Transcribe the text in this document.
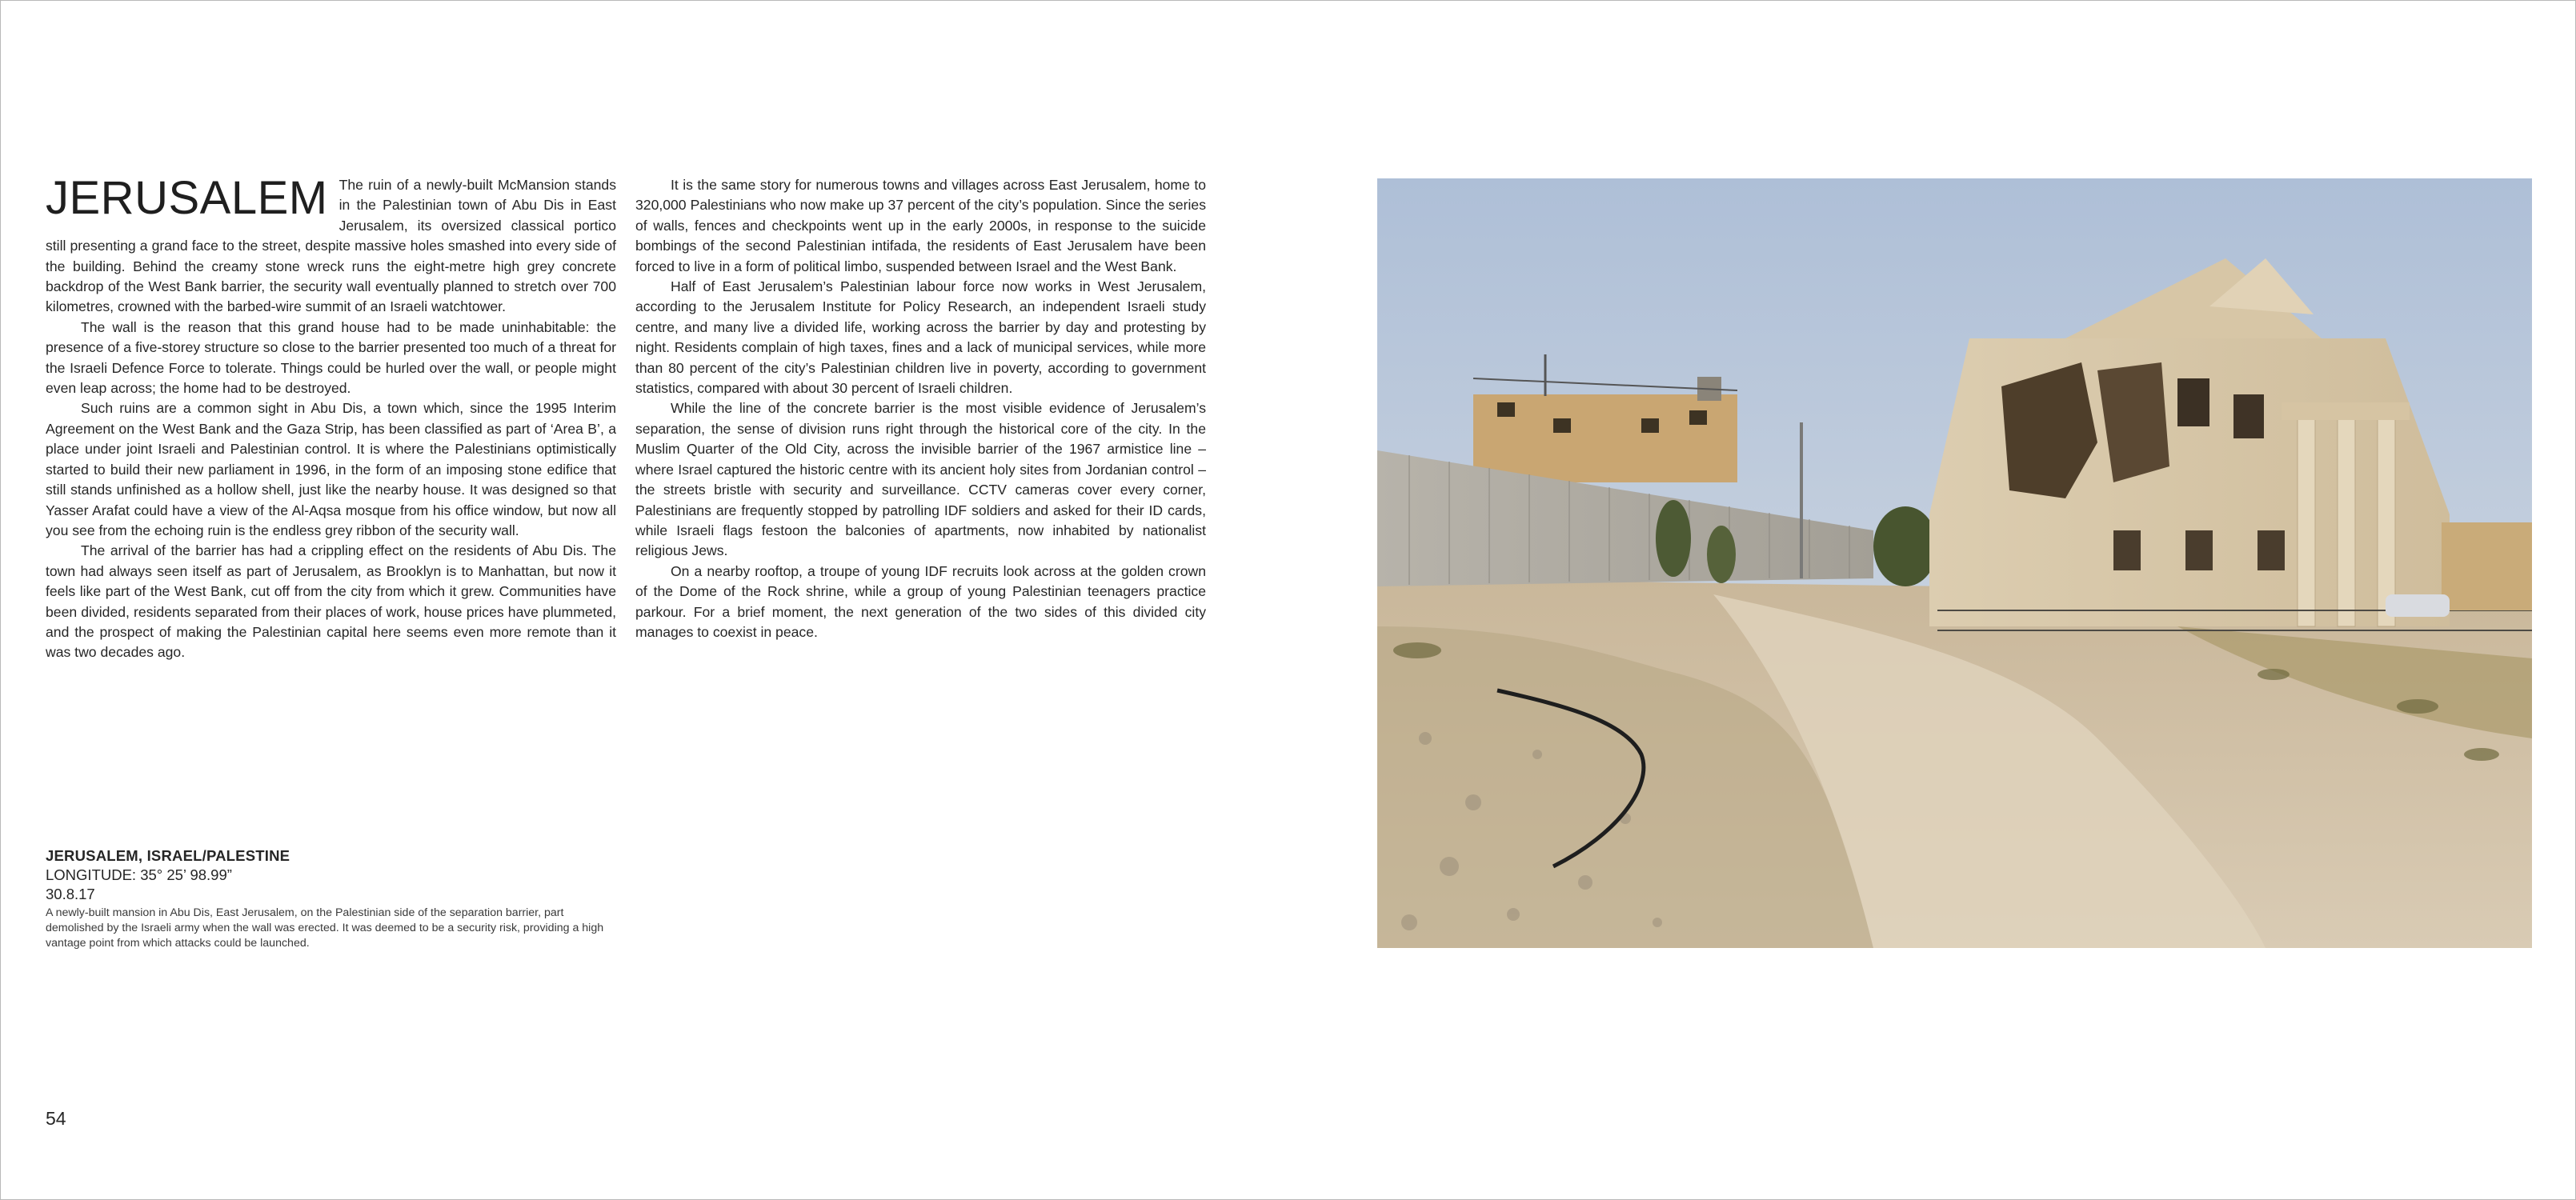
JERUSALEM The ruin of a newly-built McMansion stands in the Palestinian town of Abu Dis in East Jerusalem, its oversized classical portico still presenting a grand face to the street, despite massive holes smashed into every side of the building. Behind the creamy stone wreck runs the eight-metre high grey concrete backdrop of the West Bank barrier, the security wall eventually planned to stretch over 700 kilometres, crowned with the barbed-wire summit of an Israeli watchtower.

The wall is the reason that this grand house had to be made uninhabitable: the presence of a five-storey structure so close to the barrier presented too much of a threat for the Israeli Defence Force to tolerate. Things could be hurled over the wall, or people might even leap across; the home had to be destroyed.

Such ruins are a common sight in Abu Dis, a town which, since the 1995 Interim Agreement on the West Bank and the Gaza Strip, has been classified as part of ‘Area B’, a place under joint Israeli and Palestinian control. It is where the Palestinians optimistically started to build their new parliament in 1996, in the form of an imposing stone edifice that still stands unfinished as a hollow shell, just like the nearby house. It was designed so that Yasser Arafat could have a view of the Al-Aqsa mosque from his office window, but now all you see from the echoing ruin is the endless grey ribbon of the security wall.

The arrival of the barrier has had a crippling effect on the residents of Abu Dis. The town had always seen itself as part of Jerusalem, as Brooklyn is to Manhattan, but now it feels like part of the West Bank, cut off from the city from which it grew. Communities have been divided, residents separated from their places of work, house prices have plummeted, and the prospect of making the Palestinian capital here seems even more remote than it was two decades ago.

It is the same story for numerous towns and villages across East Jerusalem, home to 320,000 Palestinians who now make up 37 percent of the city’s population. Since the series of walls, fences and checkpoints went up in the early 2000s, in response to the suicide bombings of the second Palestinian intifada, the residents of East Jerusalem have been forced to live in a form of political limbo, suspended between Israel and the West Bank.

Half of East Jerusalem’s Palestinian labour force now works in West Jerusalem, according to the Jerusalem Institute for Policy Research, an independent Israeli study centre, and many live a divided life, working across the barrier by day and protesting by night. Residents complain of high taxes, fines and a lack of municipal services, while more than 80 percent of the city’s Palestinian children live in poverty, according to government statistics, compared with about 30 percent of Israeli children.

While the line of the concrete barrier is the most visible evidence of Jerusalem’s separation, the sense of division runs right through the historical core of the city. In the Muslim Quarter of the Old City, across the invisible barrier of the 1967 armistice line – where Israel captured the historic centre with its ancient holy sites from Jordanian control – the streets bristle with security and surveillance. CCTV cameras cover every corner, Palestinians are frequently stopped by patrolling IDF soldiers and asked for their ID cards, while Israeli flags festoon the balconies of apartments, now inhabited by nationalist religious Jews.

On a nearby rooftop, a troupe of young IDF recruits look across at the golden crown of the Dome of the Rock shrine, while a group of young Palestinian teenagers practice parkour. For a brief moment, the next generation of the two sides of this divided city manages to coexist in peace.

JERUSALEM, ISRAEL/PALESTINE
LONGITUDE: 35° 25’ 98.99”
30.8.17
A newly-built mansion in Abu Dis, East Jerusalem, on the Palestinian side of the separation barrier, part demolished by the Israeli army when the wall was erected. It was deemed to be a security risk, providing a high vantage point from which attacks could be launched.
54
